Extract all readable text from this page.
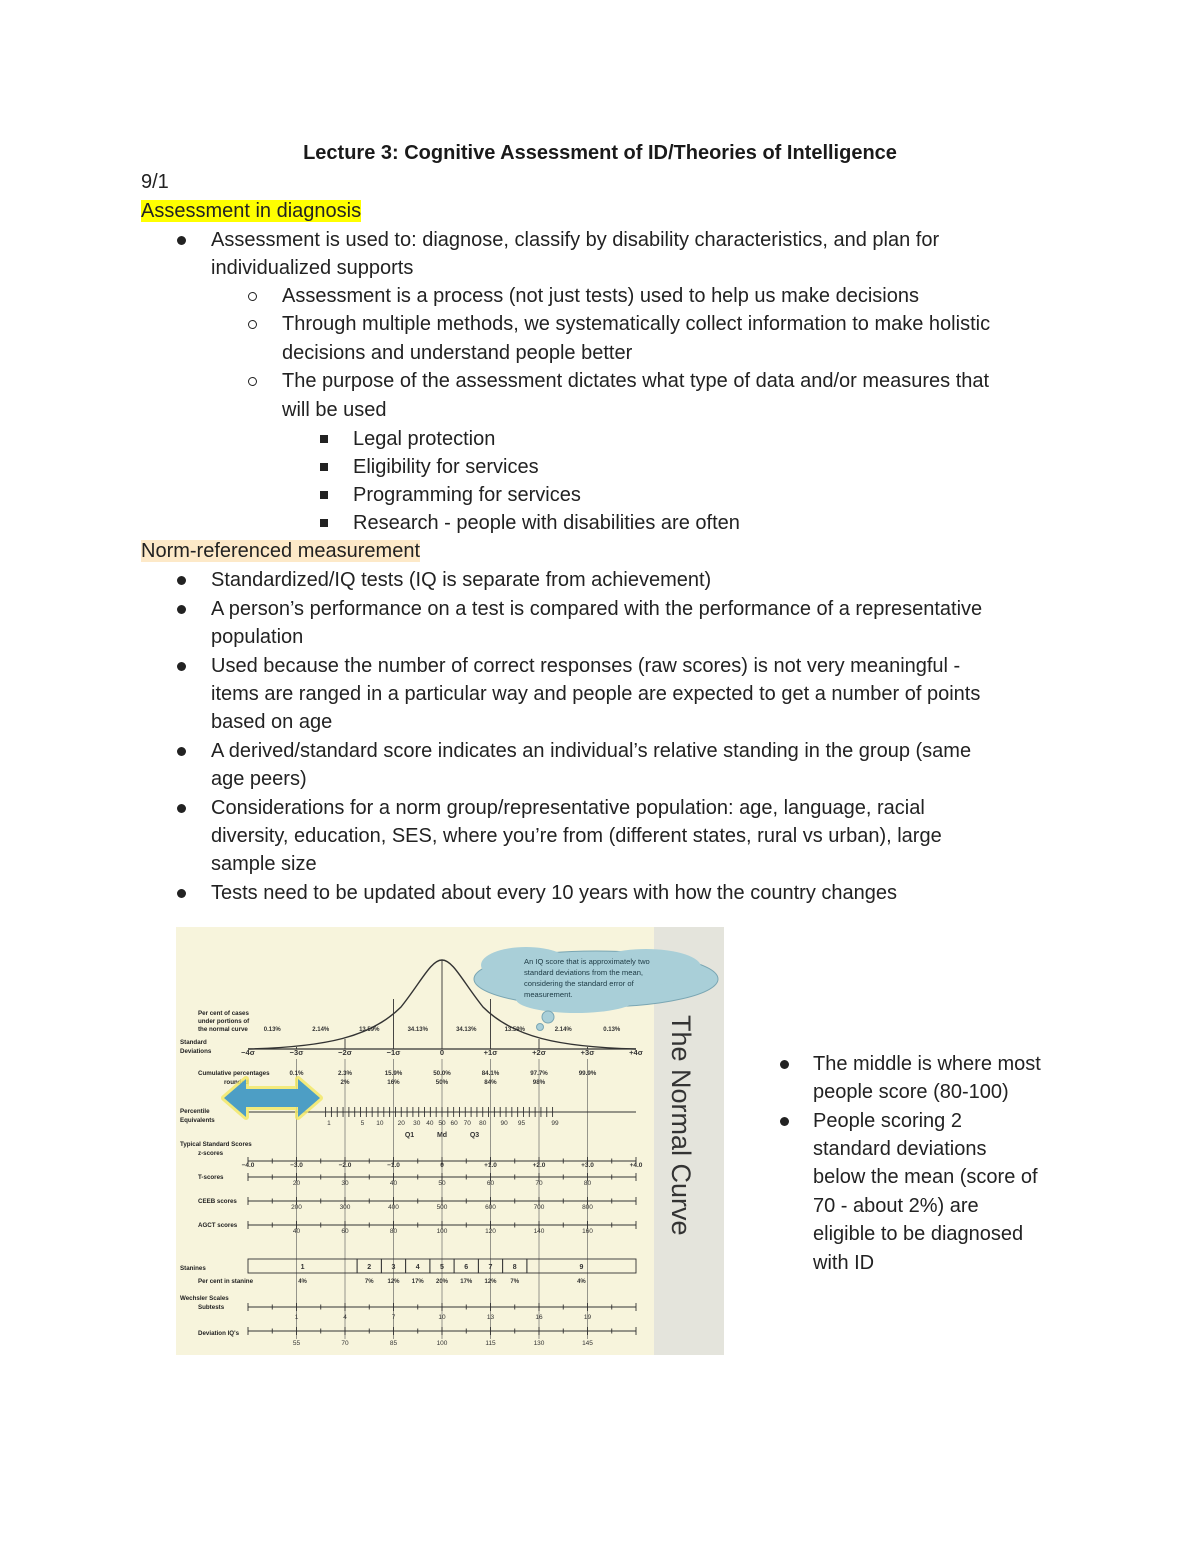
Lecture 3: Cognitive Assessment of ID/Theories of Intelligence
9/1
Assessment in diagnosis
Assessment is used to: diagnose, classify by disability characteristics, and plan for
individualized supports
Assessment is a process (not just tests) used to help us make decisions
Through multiple methods, we systematically collect information to make holistic
decisions and understand people better
The purpose of the assessment dictates what type of data and/or measures that
will be used
Legal protection
Eligibility for services
Programming for services
Research - people with disabilities are often
Norm-referenced measurement
Standardized/IQ tests (IQ is separate from achievement)
A person’s performance on a test is compared with the performance of a representative
population
Used because the number of correct responses (raw scores) is not very meaningful -
items are ranged in a particular way and people are expected to get a number of points
based on age
A derived/standard score indicates an individual’s relative standing in the group (same
age peers)
Considerations for a norm group/representative population: age, language, racial
diversity, education, SES, where you’re from (different states, rural vs urban), large
sample size
Tests need to be updated about every 10 years with how the country changes
0.13%	2.14%	13.59%	34.13%	34.13%	13.59%	2.14%	0.13%
An IQ score that is approximately two
standard deviations from the mean,
considering the standard error of
measurement.
The Normal Curve
Per cent of cases
under portions of
the normal curve
Standard
Deviations
Cumulative percentages
rounded
Percentile
Equivalents
Typical Standard Scores
z-scores
T-scores
CEEB scores
AGCT scores
Stanines
Per cent in stanine
Wechsler Scales
Subtests
Deviation IQ's
−4σ	−3σ	−2σ	−1σ	0	+1σ	+2σ	+3σ	+4σ
0.1%	2.3%	15.9%	50.0%	84.1%	97.7%	99.9%
2%	16%	50%	84%	98%
1	5 10 20 30 40 50 60 70 80 90 95	99
Q1	Md	Q3
−4.0	−3.0	−2.0	−1.0	0	+1.0	+2.0	+3.0	+4.0
20	30	40	50	60	70	80
200	300	400	500	600	700	800
40	60	80	100	120	140	160
1
4%
2
7%
3
12%
4
17%
5
20%
6
17%
7
12%
8
7%
9
4%
1	4	7	10	13	16	19
55	70	85	100	115	130	145
The middle is where most
people score (80-100)
People scoring 2
standard deviations
below the mean (score of
70 - about 2%) are
eligible to be diagnosed
with ID
